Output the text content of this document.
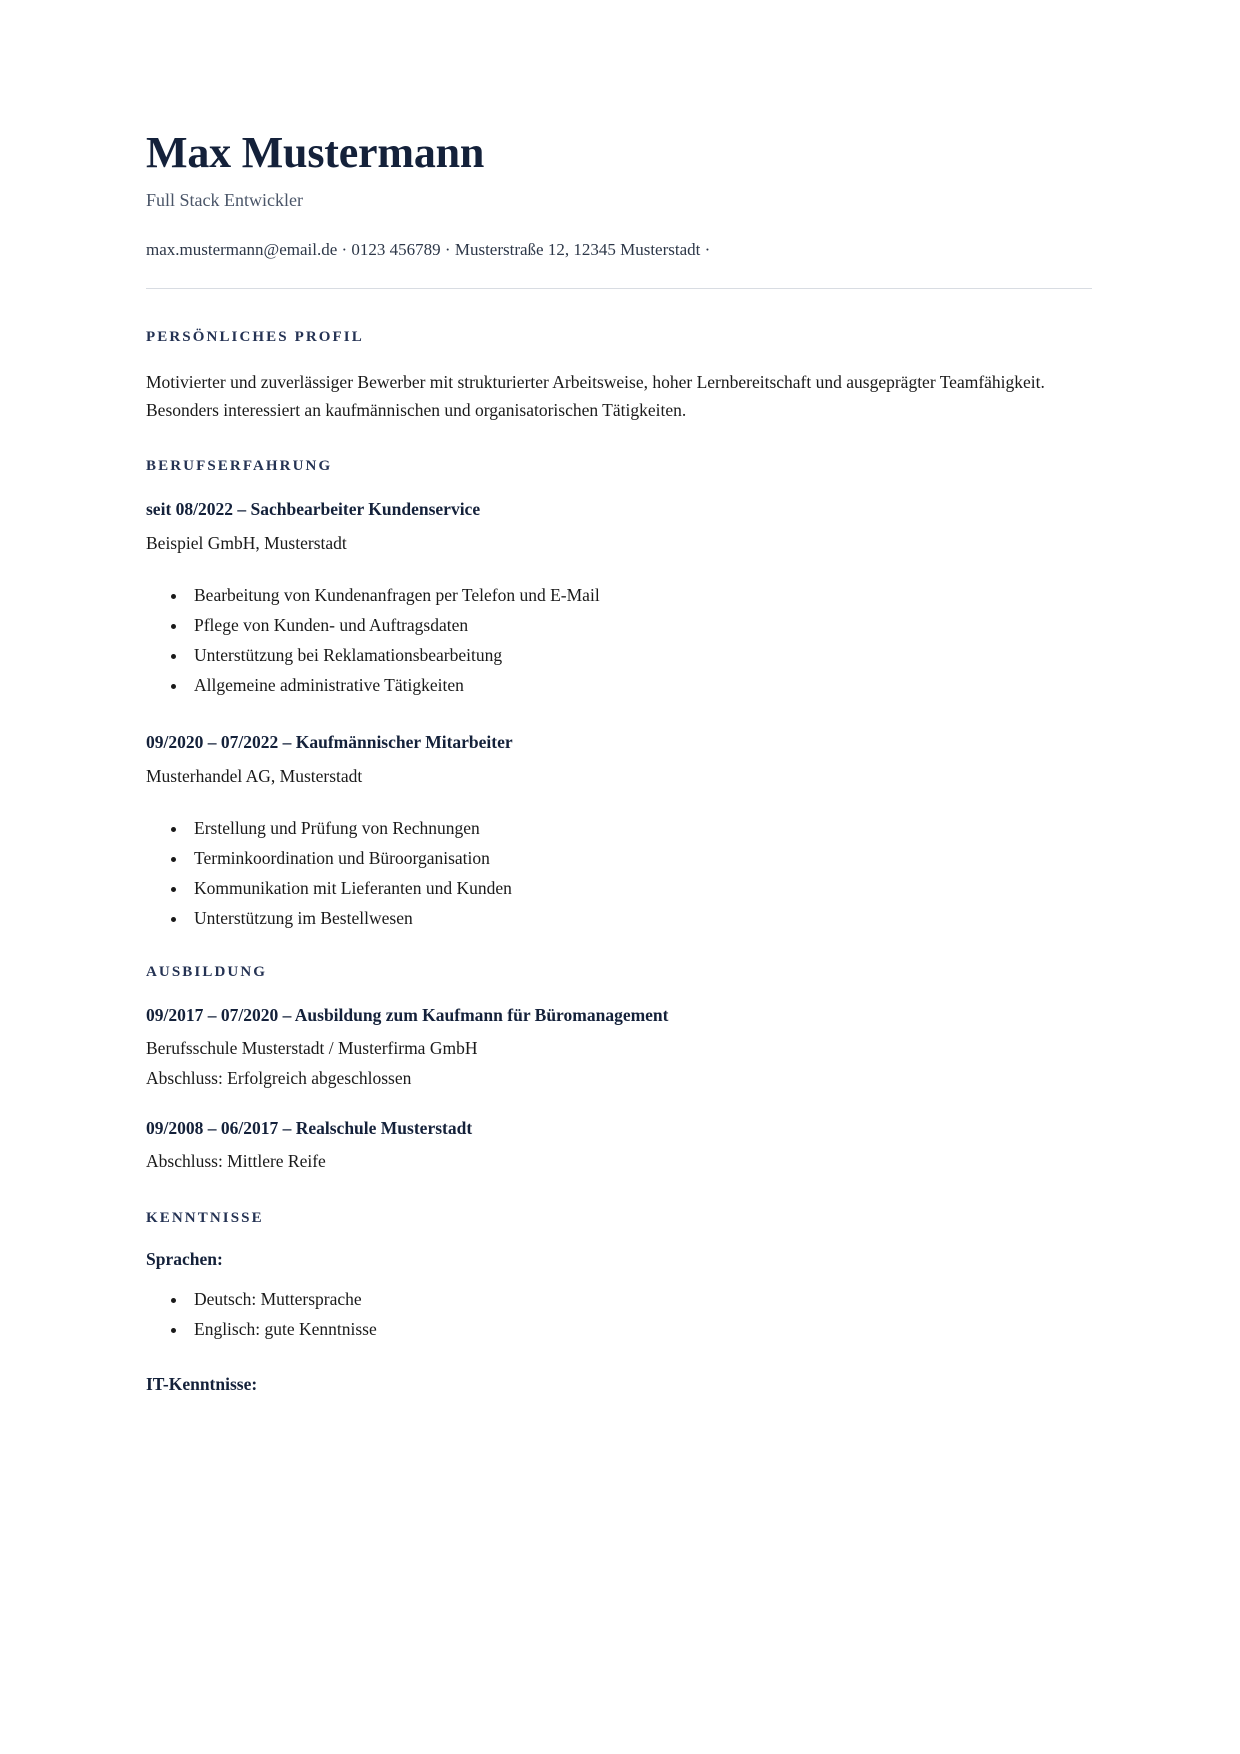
Max Mustermann
Full Stack Entwickler
max.mustermann@email.de · 0123 456789 · Musterstraße 12, 12345 Musterstadt ·
PERSÖNLICHES PROFIL

Motivierter und zuverlässiger Bewerber mit strukturierter Arbeitsweise, hoher Lernbereitschaft und ausgeprägter Teamfähigkeit. Besonders interessiert an kaufmännischen und organisatorischen Tätigkeiten.

BERUFSERFAHRUNG
seit 08/2022 – Sachbearbeiter Kundenservice
Beispiel GmbH, Musterstadt
• Bearbeitung von Kundenanfragen per Telefon und E-Mail
• Pflege von Kunden- und Auftragsdaten
• Unterstützung bei Reklamationsbearbeitung
• Allgemeine administrative Tätigkeiten
09/2020 – 07/2022 – Kaufmännischer Mitarbeiter
Musterhandel AG, Musterstadt
• Erstellung und Prüfung von Rechnungen
• Terminkoordination und Büroorganisation
• Kommunikation mit Lieferanten und Kunden
• Unterstützung im Bestellwesen
AUSBILDUNG
09/2017 – 07/2020 – Ausbildung zum Kaufmann für Büromanagement
Berufsschule Musterstadt / Musterfirma GmbH
Abschluss: Erfolgreich abgeschlossen
09/2008 – 06/2017 – Realschule Musterstadt
Abschluss: Mittlere Reife
KENNTNISSE
Sprachen:
• Deutsch: Muttersprache
• Englisch: gute Kenntnisse
IT-Kenntnisse:
